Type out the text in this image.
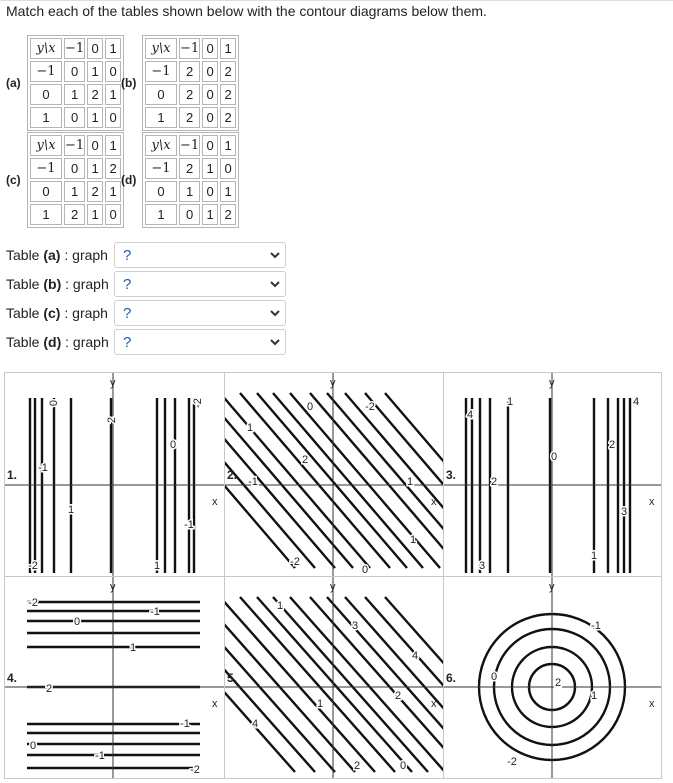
Match each of the tables shown below with the contour diagrams below them.
(a)
y\x	−1	0	1
−1	0	1	0
0	1	2	1
1	0	1	0
(b)
y\x	−1	0	1
−1	2	0	2
0	2	0	2
1	2	0	2
(c)
y\x	−1	0	1
−1	0	1	2
0	1	2	1
1	2	1	0
(d)
y\x	−1	0	1
−1	2	1	0
0	1	0	1
1	0	1	2
Table (a) : graph ?
Table (b) : graph ?
Table (c) : graph ?
Table (d) : graph ?
x
y
0
2
-1
0
1
-1
1
-2
-2
1.
x
y
0	-2
1
2
-1	1
-2
0
1
2.
x
y
4
1	4
2
0
2
3
3
1
3.
x
y
-2
0
-1
1
2
-1
-2
0
-1
4.
x
y
1
3
4
1
2
4
2	0
5.
x
y
-1
0	2
1
-2
6.
